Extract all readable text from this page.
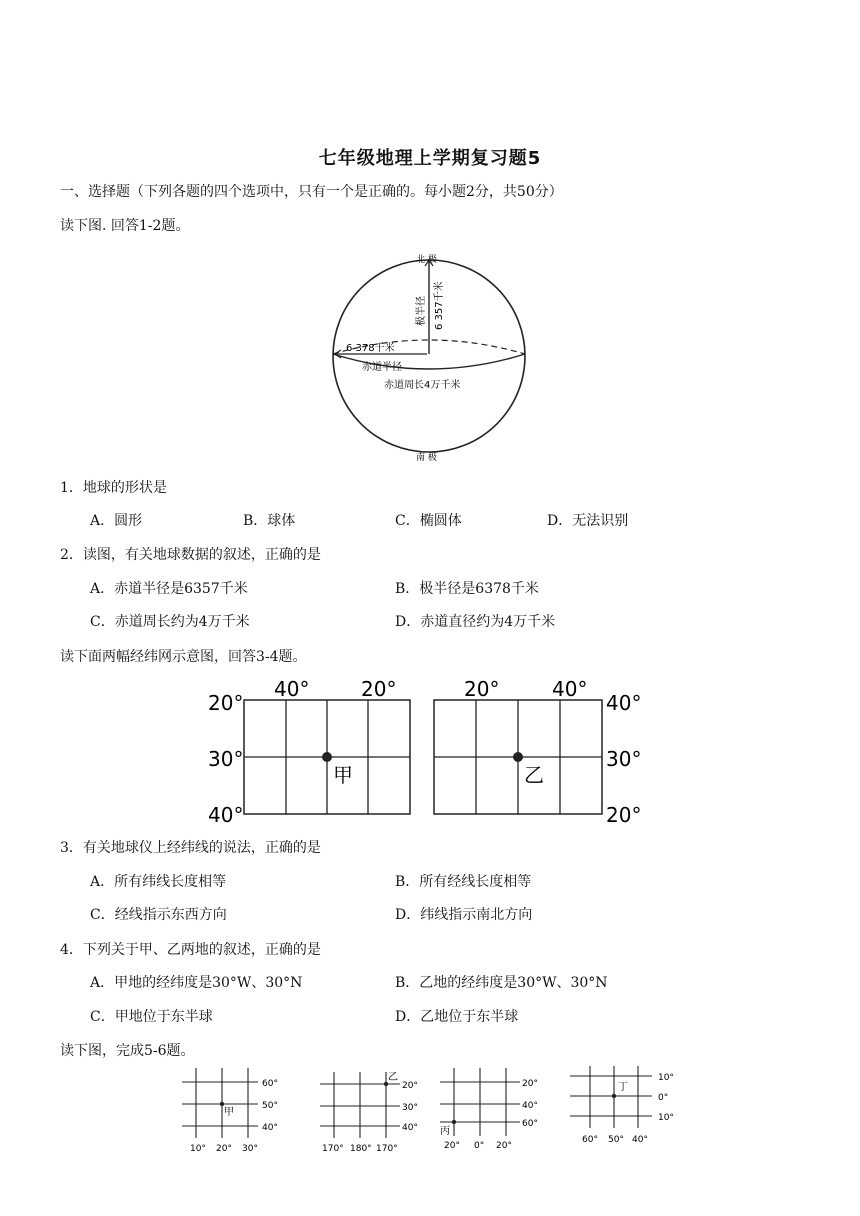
七年级地理上学期复习题5
一、选择题（下列各题的四个选项中，只有一个是正确的。每小题2分，共50分）
读下图. 回答1-2题。
北 极
南 极
极半径 6 357千米
6 378千米
赤道半径
赤道周长4万千米
1．地球的形状是
A．圆形	B．球体	C．椭圆体	D．无法识别
2．读图，有关地球数据的叙述，正确的是
A．赤道半径是6357千米	B．极半径是6378千米
C．赤道周长约为4万千米	D．赤道直径约为4万千米
读下面两幅经纬网示意图，回答3-4题。
40°	20°
20°
30°
40°
甲
20°	40°
40°
30°
20°
乙
3．有关地球仪上经纬线的说法，正确的是
A．所有纬线长度相等	B．所有经线长度相等
C．经线指示东西方向	D．纬线指示南北方向
4．下列关于甲、乙两地的叙述，正确的是
A．甲地的经纬度是30°W、30°N	B．乙地的经纬度是30°W、30°N
C．甲地位于东半球	D．乙地位于东半球
读下图，完成5-6题。
甲
60°
50°
40°
10° 20° 30°
乙
20°
30°
40°
170° 180° 170°
丙
20°
40°
60°
20° 0° 20°
丁
10°
0°
10°
60° 50° 40°
